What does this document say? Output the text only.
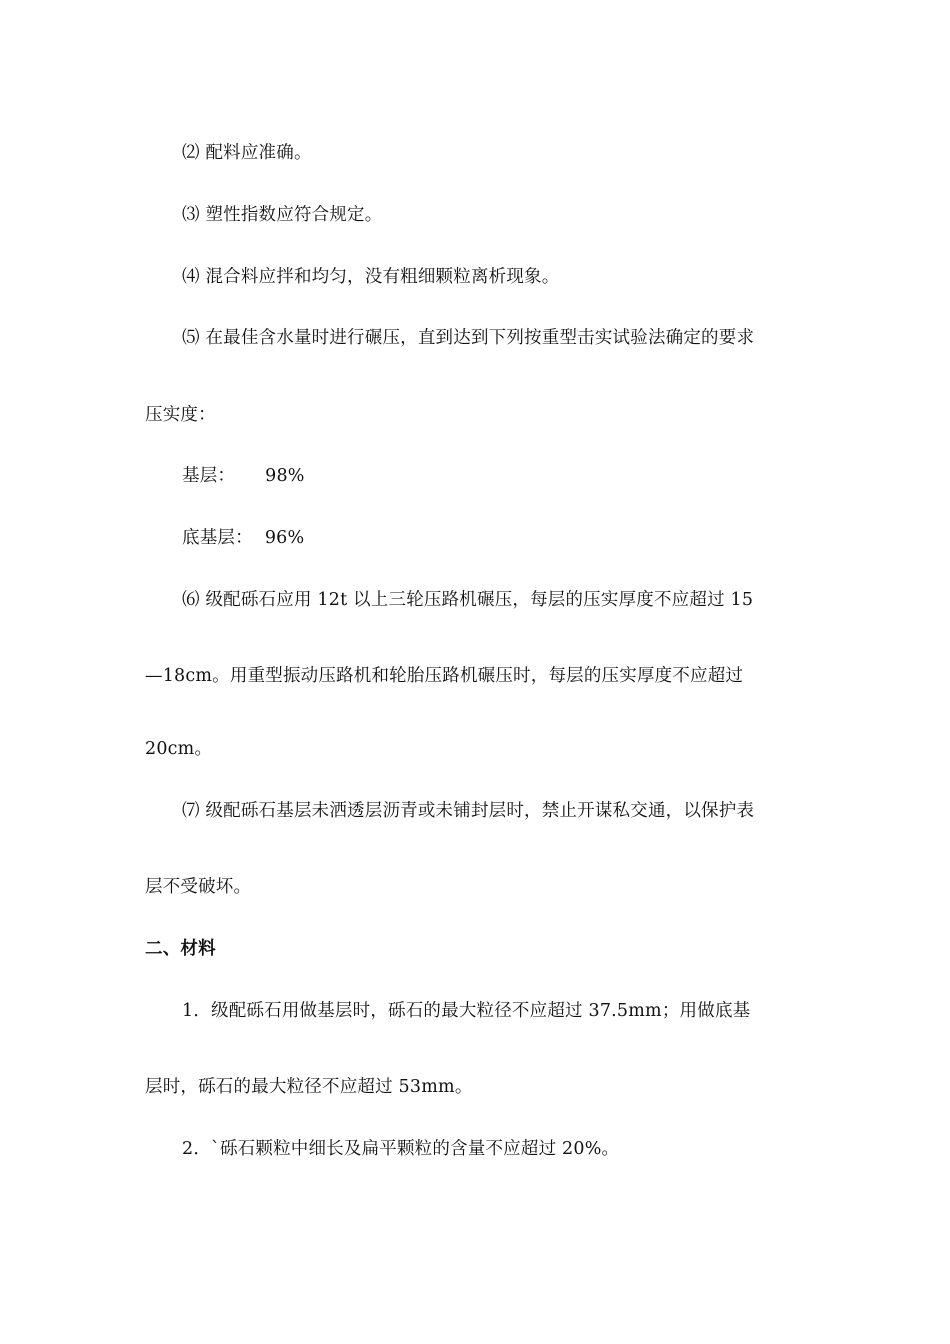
⑵ 配料应准确。
⑶ 塑性指数应符合规定。
⑷ 混合料应拌和均匀，没有粗细颗粒离析现象。
⑸ 在最佳含水量时进行碾压，直到达到下列按重型击实试验法确定的要求
压实度：
基层： 98%
底基层： 96%
⑹ 级配砾石应用 12t 以上三轮压路机碾压，每层的压实厚度不应超过 15
—18cm。用重型振动压路机和轮胎压路机碾压时，每层的压实厚度不应超过
20cm。
⑺ 级配砾石基层未洒透层沥青或未铺封层时，禁止开谋私交通，以保护表
层不受破坏。
二、材料
1．级配砾石用做基层时，砾石的最大粒径不应超过 37.5mm；用做底基
层时，砾石的最大粒径不应超过 53mm。
2．`砾石颗粒中细长及扁平颗粒的含量不应超过 20%。
